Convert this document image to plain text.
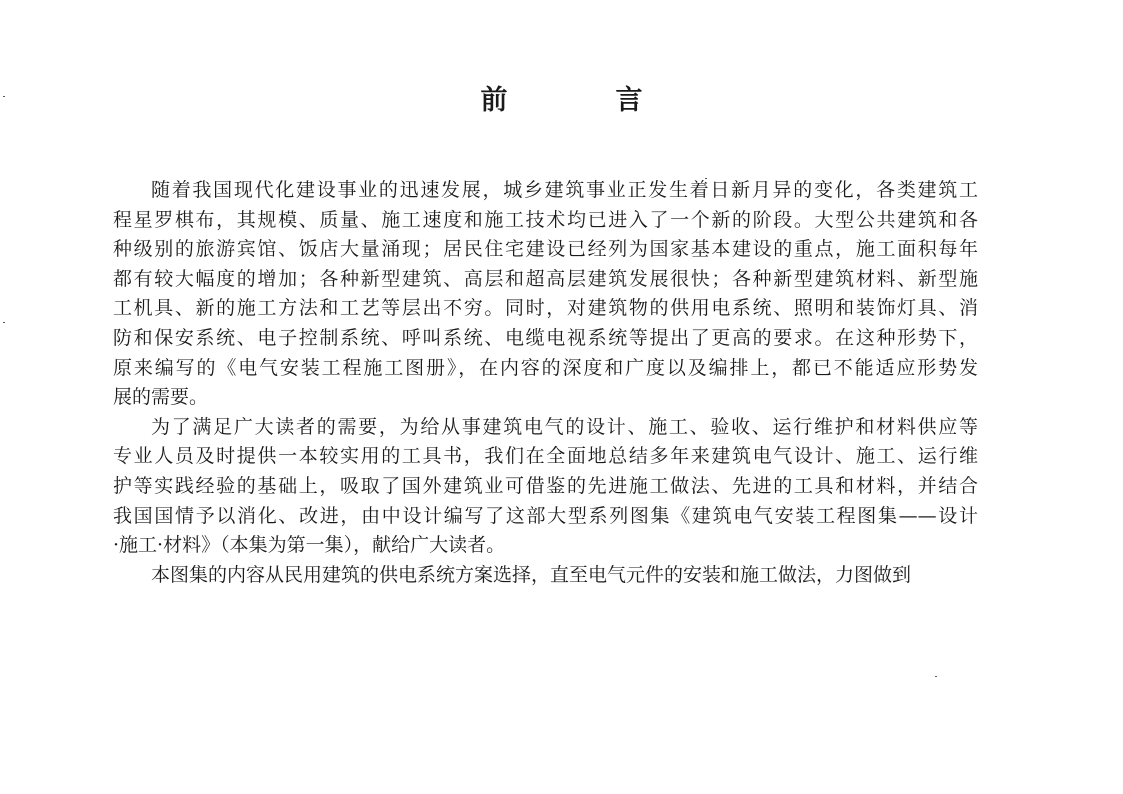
前	言
随着我国现代化建设事业的迅速发展，城乡建筑事业正发生着日新月异的变化，各类建筑工
程星罗棋布，其规模、质量、施工速度和施工技术均已进入了一个新的阶段。大型公共建筑和各
种级别的旅游宾馆、饭店大量涌现；居民住宅建设已经列为国家基本建设的重点，施工面积每年
都有较大幅度的增加；各种新型建筑、高层和超高层建筑发展很快；各种新型建筑材料、新型施
工机具、新的施工方法和工艺等层出不穷。同时，对建筑物的供用电系统、照明和装饰灯具、消
防和保安系统、电子控制系统、呼叫系统、电缆电视系统等提出了更高的要求。在这种形势下，
原来编写的《电气安装工程施工图册》，在内容的深度和广度以及编排上，都已不能适应形势发
展的需要。
为了满足广大读者的需要，为给从事建筑电气的设计、施工、验收、运行维护和材料供应等
专业人员及时提供一本较实用的工具书，我们在全面地总结多年来建筑电气设计、施工、运行维
护等实践经验的基础上，吸取了国外建筑业可借鉴的先进施工做法、先进的工具和材料，并结合
我国国情予以消化、改进，由中设计编写了这部大型系列图集《建筑电气安装工程图集——设计
·施工·材料》（本集为第一集），献给广大读者。
本图集的内容从民用建筑的供电系统方案选择，直至电气元件的安装和施工做法，力图做到
